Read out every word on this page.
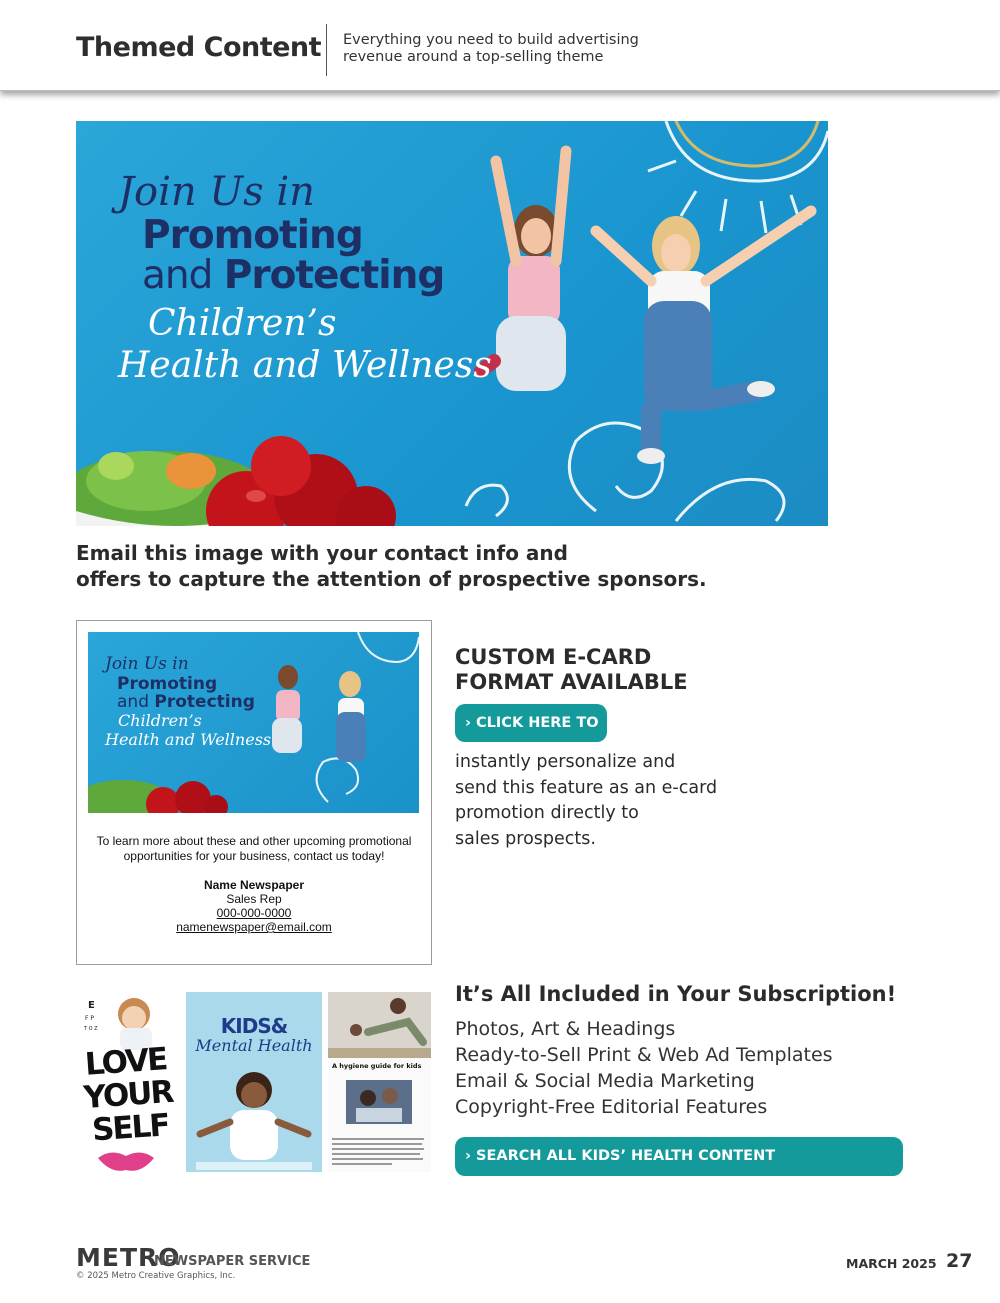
Themed Content Everything you need to build advertising
revenue around a top-selling theme
Join Us in
Promoting
and Protecting
Children’s
Health and Wellness
Email this image with your contact info and
offers to capture the attention of prospective sponsors.
Join Us in
Promoting
and Protecting
Children’s
Health and Wellness
To learn more about these and other upcoming promotional
opportunities for your business, contact us today!
Name Newspaper
Sales Rep
000-000-0000
namenewspaper@email.com
CUSTOM E-CARD
FORMAT AVAILABLE
› CLICK HERE TO
instantly personalize and
send this feature as an e-card
promotion directly to
sales prospects.
E
F P
T O Z
LOVE
YOUR
SELF
KIDS&
Mental Health
A hygiene guide for kids
It’s All Included in Your Subscription!
Photos, Art & Headings
Ready-to-Sell Print & Web Ad Templates
Email & Social Media Marketing
Copyright-Free Editorial Features
› SEARCH ALL KIDS’ HEALTH CONTENT
METRO
NEWSPAPER SERVICE
© 2025 Metro Creative Graphics, Inc.
MARCH 2025 27
